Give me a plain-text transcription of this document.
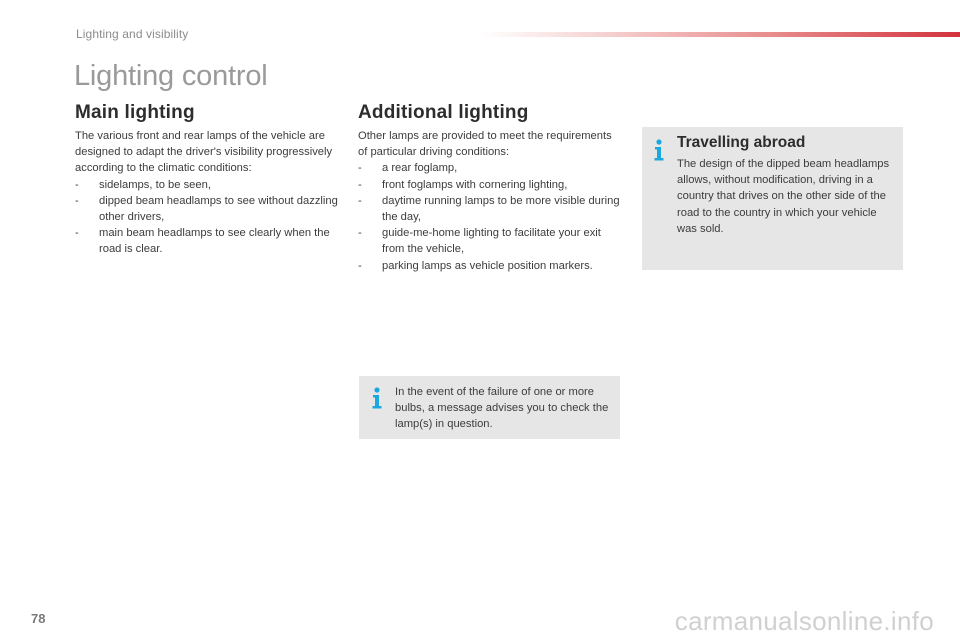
Lighting and visibility
Lighting control
Main lighting

The various front and rear lamps of the vehicle are designed to adapt the driver's visibility progressively according to the climatic conditions:

- sidelamps, to be seen,
- dipped beam headlamps to see without dazzling other drivers,
- main beam headlamps to see clearly when the road is clear.
Additional lighting

Other lamps are provided to meet the requirements of particular driving conditions:

- a rear foglamp,
- front foglamps with cornering lighting,
- daytime running lamps to be more visible during the day,
- guide-me-home lighting to facilitate your exit from the vehicle,
- parking lamps as vehicle position markers.
Travelling abroad
The design of the dipped beam headlamps allows, without modification, driving in a country that drives on the other side of the road to the country in which your vehicle was sold.
In the event of the failure of one or more bulbs, a message advises you to check the lamp(s) in question.
78	carmanualsonline.info
